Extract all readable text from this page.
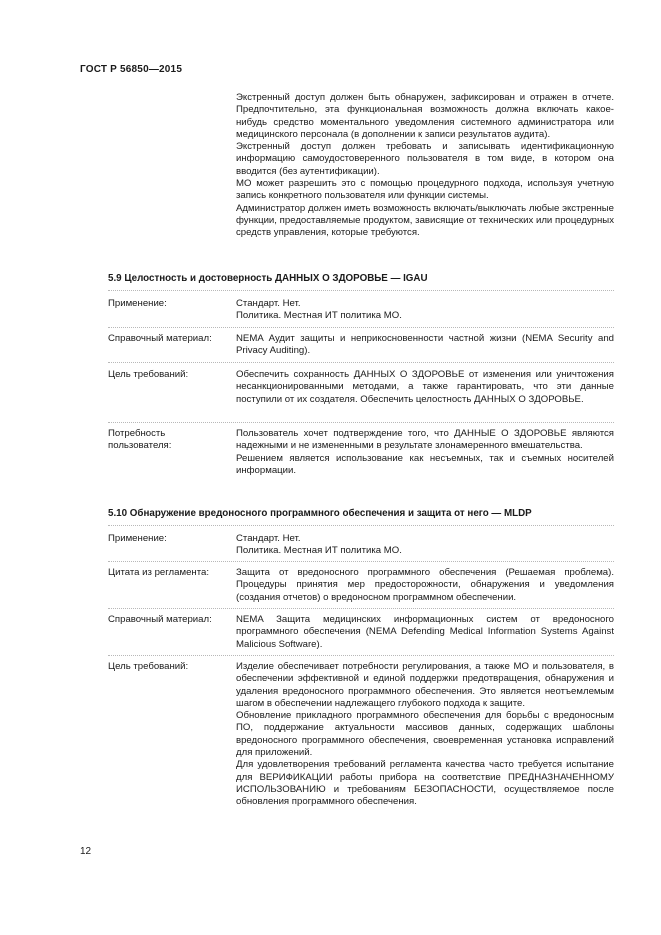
ГОСТ Р 56850—2015

Экстренный доступ должен быть обнаружен, зафиксирован и отражен в отчете. Предпочтительно, эта функциональная возможность должна включать какое-нибудь средство моментального уведомления системного администратора или медицинского персонала (в дополнении к записи результатов аудита).

Экстренный доступ должен требовать и записывать идентификационную информацию самоудостоверенного пользователя в том виде, в котором она вводится (без аутентификации).

МО может разрешить это с помощью процедурного подхода, используя учетную запись конкретного пользователя или функции системы.

Администратор должен иметь возможность включать/выключать любые экстренные функции, предоставляемые продуктом, зависящие от технических или процедурных средств управления, которые требуются.

5.9 Целостность и достоверность ДАННЫХ О ЗДОРОВЬЕ — IGAU
Применение:	Стандарт. Нет.

Политика. Местная ИТ политика МО.

Справочный материал:	NEMA Аудит защиты и неприкосновенности частной жизни (NEMA Security and Privacy Auditing).

Цель требований:	Обеспечить сохранность ДАННЫХ О ЗДОРОВЬЕ от изменения или уничтожения несанкционированными методами, а также гарантировать, что эти данные поступили от их создателя. Обеспечить целостность ДАННЫХ О ЗДОРОВЬЕ.

Потребность пользователя:

Пользователь хочет подтверждение того, что ДАННЫЕ О ЗДОРОВЬЕ являются надежными и не измененными в результате злонамеренного вмешательства.

Решением является использование как несъемных, так и съемных носителей информации.

5.10 Обнаружение вредоносного программного обеспечения и защита от него — MLDP
Применение:	Стандарт. Нет.

Политика. Местная ИТ политика МО.

Цитата из регламента:	Защита от вредоносного программного обеспечения (Решаемая проблема). Процедуры принятия мер предосторожности, обнаружения и уведомления (создания отчетов) о вредоносном программном обеспечении.

Справочный материал:	NEMA Защита медицинских информационных систем от вредоносного программного обеспечения (NEMA Defending Medical Information Systems Against Malicious Software).

Цель требований:	Изделие обеспечивает потребности регулирования, а также МО и пользователя, в обеспечении эффективной и единой поддержки предотвращения, обнаружения и удаления вредоносного программного обеспечения. Это является неотъемлемым шагом в обеспечении надлежащего глубокого подхода к защите.

Обновление прикладного программного обеспечения для борьбы с вредоносным ПО, поддержание актуальности массивов данных, содержащих шаблоны вредоносного программного обеспечения, своевременная установка исправлений для приложений.

Для удовлетворения требований регламента качества часто требуется испытание для ВЕРИФИКАЦИИ работы прибора на соответствие ПРЕДНАЗНАЧЕННОМУ ИСПОЛЬЗОВАНИЮ и требованиям БЕЗОПАСНОСТИ, осуществляемое после обновления программного обеспечения.

12
